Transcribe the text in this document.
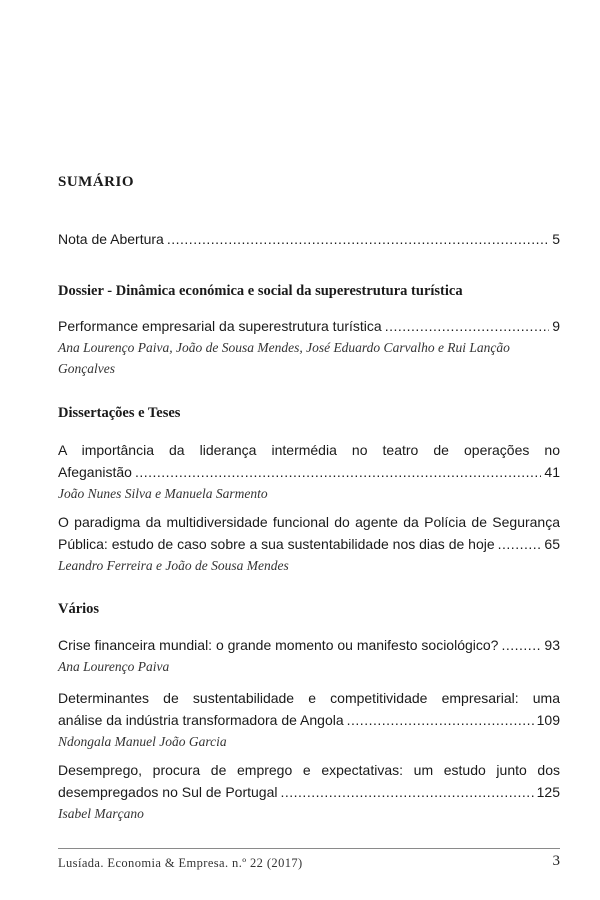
SUMÁRIO
Nota de Abertura .....	5
Dossier - Dinâmica económica e social da superestrutura turística
Performance empresarial da superestrutura turística .....	9
Ana Lourenço Paiva, João de Sousa Mendes, José Eduardo Carvalho e Rui Lanção Gonçalves
Dissertações e Teses
A importância da liderança intermédia no teatro de operações no
Afeganistão .....	41
João Nunes Silva e Manuela Sarmento
O paradigma da multidiversidade funcional do agente da Polícia de Segurança
Pública: estudo de caso sobre a sua sustentabilidade nos dias de hoje .....	65
Leandro Ferreira e João de Sousa Mendes
Vários
Crise financeira mundial: o grande momento ou manifesto sociológico? .....	93
Ana Lourenço Paiva
Determinantes de sustentabilidade e competitividade empresarial: uma
análise da indústria transformadora de Angola .....	109
Ndongala Manuel João Garcia
Desemprego, procura de emprego e expectativas: um estudo junto dos
desempregados no Sul de Portugal .....	125
Isabel Marçano
Lusíada. Economia & Empresa. n.º 22 (2017)	3
